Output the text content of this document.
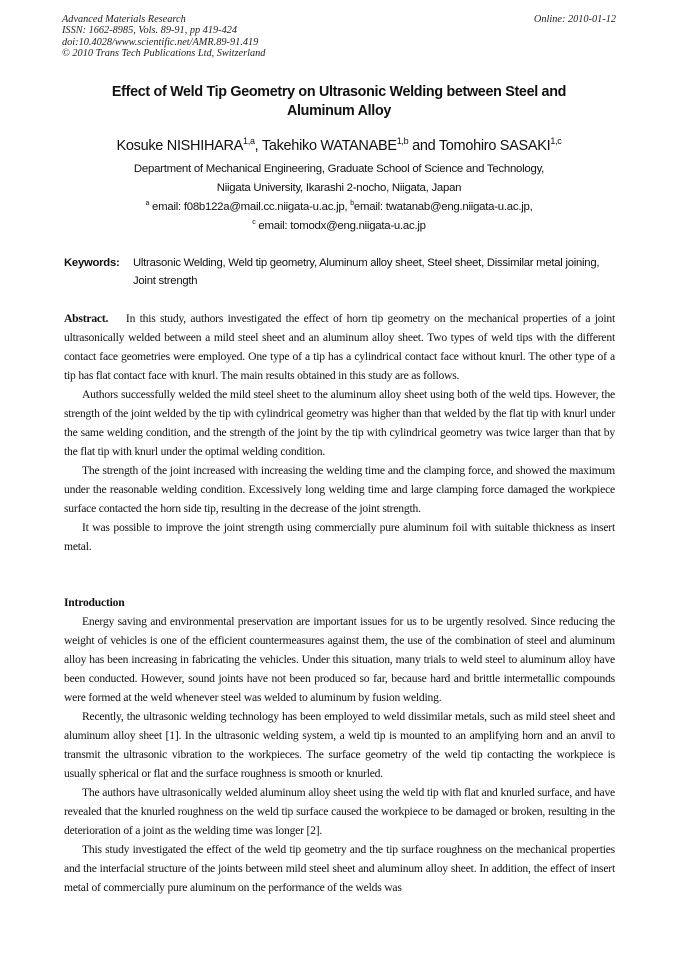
Advanced Materials Research
ISSN: 1662-8985, Vols. 89-91, pp 419-424
doi:10.4028/www.scientific.net/AMR.89-91.419
© 2010 Trans Tech Publications Ltd, Switzerland
Online: 2010-01-12
Effect of Weld Tip Geometry on Ultrasonic Welding between Steel and
Aluminum Alloy
Kosuke NISHIHARA$^{1,a}$, Takehiko WATANABE$^{1,b}$ and Tomohiro SASAKI$^{1,c}$
Department of Mechanical Engineering, Graduate School of Science and Technology,
Niigata University, Ikarashi 2-nocho, Niigata, Japan
$^a$ email: f08b122a@mail.cc.niigata-u.ac.jp, $^b$email: twatanab@eng.niigata-u.ac.jp,
$^c$ email: tomodx@eng.niigata-u.ac.jp
Keywords: Ultrasonic Welding, Weld tip geometry, Aluminum alloy sheet, Steel sheet, Dissimilar metal joining, Joint strength

Abstract. In this study, authors investigated the effect of horn tip geometry on the mechanical properties of a joint ultrasonically welded between a mild steel sheet and an aluminum alloy sheet. Two types of weld tips with the different contact face geometries were employed. One type of a tip has a cylindrical contact face without knurl. The other type of a tip has flat contact face with knurl. The main results obtained in this study are as follows.

Authors successfully welded the mild steel sheet to the aluminum alloy sheet using both of the weld tips. However, the strength of the joint welded by the tip with cylindrical geometry was higher than that welded by the flat tip with knurl under the same welding condition, and the strength of the joint by the tip with cylindrical geometry was twice larger than that by the flat tip with knurl under the optimal welding condition.

The strength of the joint increased with increasing the welding time and the clamping force, and showed the maximum under the reasonable welding condition. Excessively long welding time and large clamping force damaged the workpiece surface contacted the horn side tip, resulting in the decrease of the joint strength.

It was possible to improve the joint strength using commercially pure aluminum foil with suitable thickness as insert metal.

Introduction

Energy saving and environmental preservation are important issues for us to be urgently resolved. Since reducing the weight of vehicles is one of the efficient countermeasures against them, the use of the combination of steel and aluminum alloy has been increasing in fabricating the vehicles. Under this situation, many trials to weld steel to aluminum alloy have been conducted. However, sound joints have not been produced so far, because hard and brittle intermetallic compounds were formed at the weld whenever steel was welded to aluminum by fusion welding.

Recently, the ultrasonic welding technology has been employed to weld dissimilar metals, such as mild steel sheet and aluminum alloy sheet [1]. In the ultrasonic welding system, a weld tip is mounted to an amplifying horn and an anvil to transmit the ultrasonic vibration to the workpieces. The surface geometry of the weld tip contacting the workpiece is usually spherical or flat and the surface roughness is smooth or knurled.

The authors have ultrasonically welded aluminum alloy sheet using the weld tip with flat and knurled surface, and have revealed that the knurled roughness on the weld tip surface caused the workpiece to be damaged or broken, resulting in the deterioration of a joint as the welding time was longer [2].

This study investigated the effect of the weld tip geometry and the tip surface roughness on the mechanical properties and the interfacial structure of the joints between mild steel sheet and aluminum alloy sheet. In addition, the effect of insert metal of commercially pure aluminum on the performance of the welds was
